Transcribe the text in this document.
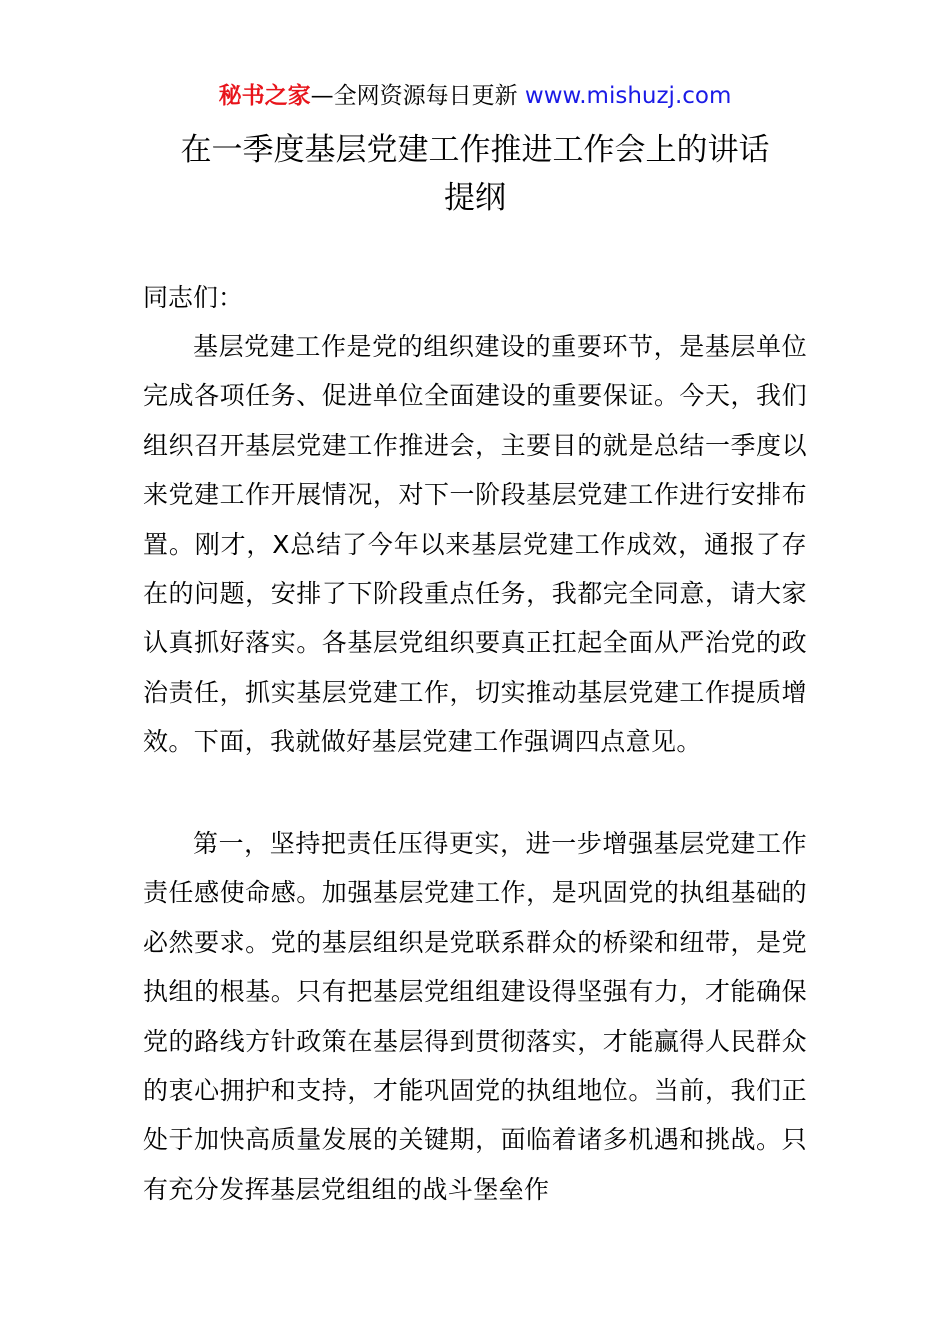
秘书之家—全网资源每日更新 www.mishuzj.com
在一季度基层党建工作推进工作会上的讲话
提纲

同志们：

基层党建工作是党的组织建设的重要环节，是基层单位完成各项任务、促进单位全面建设的重要保证。今天，我们组织召开基层党建工作推进会，主要目的就是总结一季度以来党建工作开展情况，对下一阶段基层党建工作进行安排布置。刚才，X总结了今年以来基层党建工作成效，通报了存在的问题，安排了下阶段重点任务，我都完全同意，请大家认真抓好落实。各基层党组织要真正扛起全面从严治党的政治责任，抓实基层党建工作，切实推动基层党建工作提质增效。下面，我就做好基层党建工作强调四点意见。

第一，坚持把责任压得更实，进一步增强基层党建工作责任感使命感。加强基层党建工作，是巩固党的执组基础的必然要求。党的基层组织是党联系群众的桥梁和纽带，是党执组的根基。只有把基层党组组建设得坚强有力，才能确保党的路线方针政策在基层得到贯彻落实，才能赢得人民群众的衷心拥护和支持，才能巩固党的执组地位。当前，我们正处于加快高质量发展的关键期，面临着诸多机遇和挑战。只有充分发挥基层党组组的战斗堡垒作
